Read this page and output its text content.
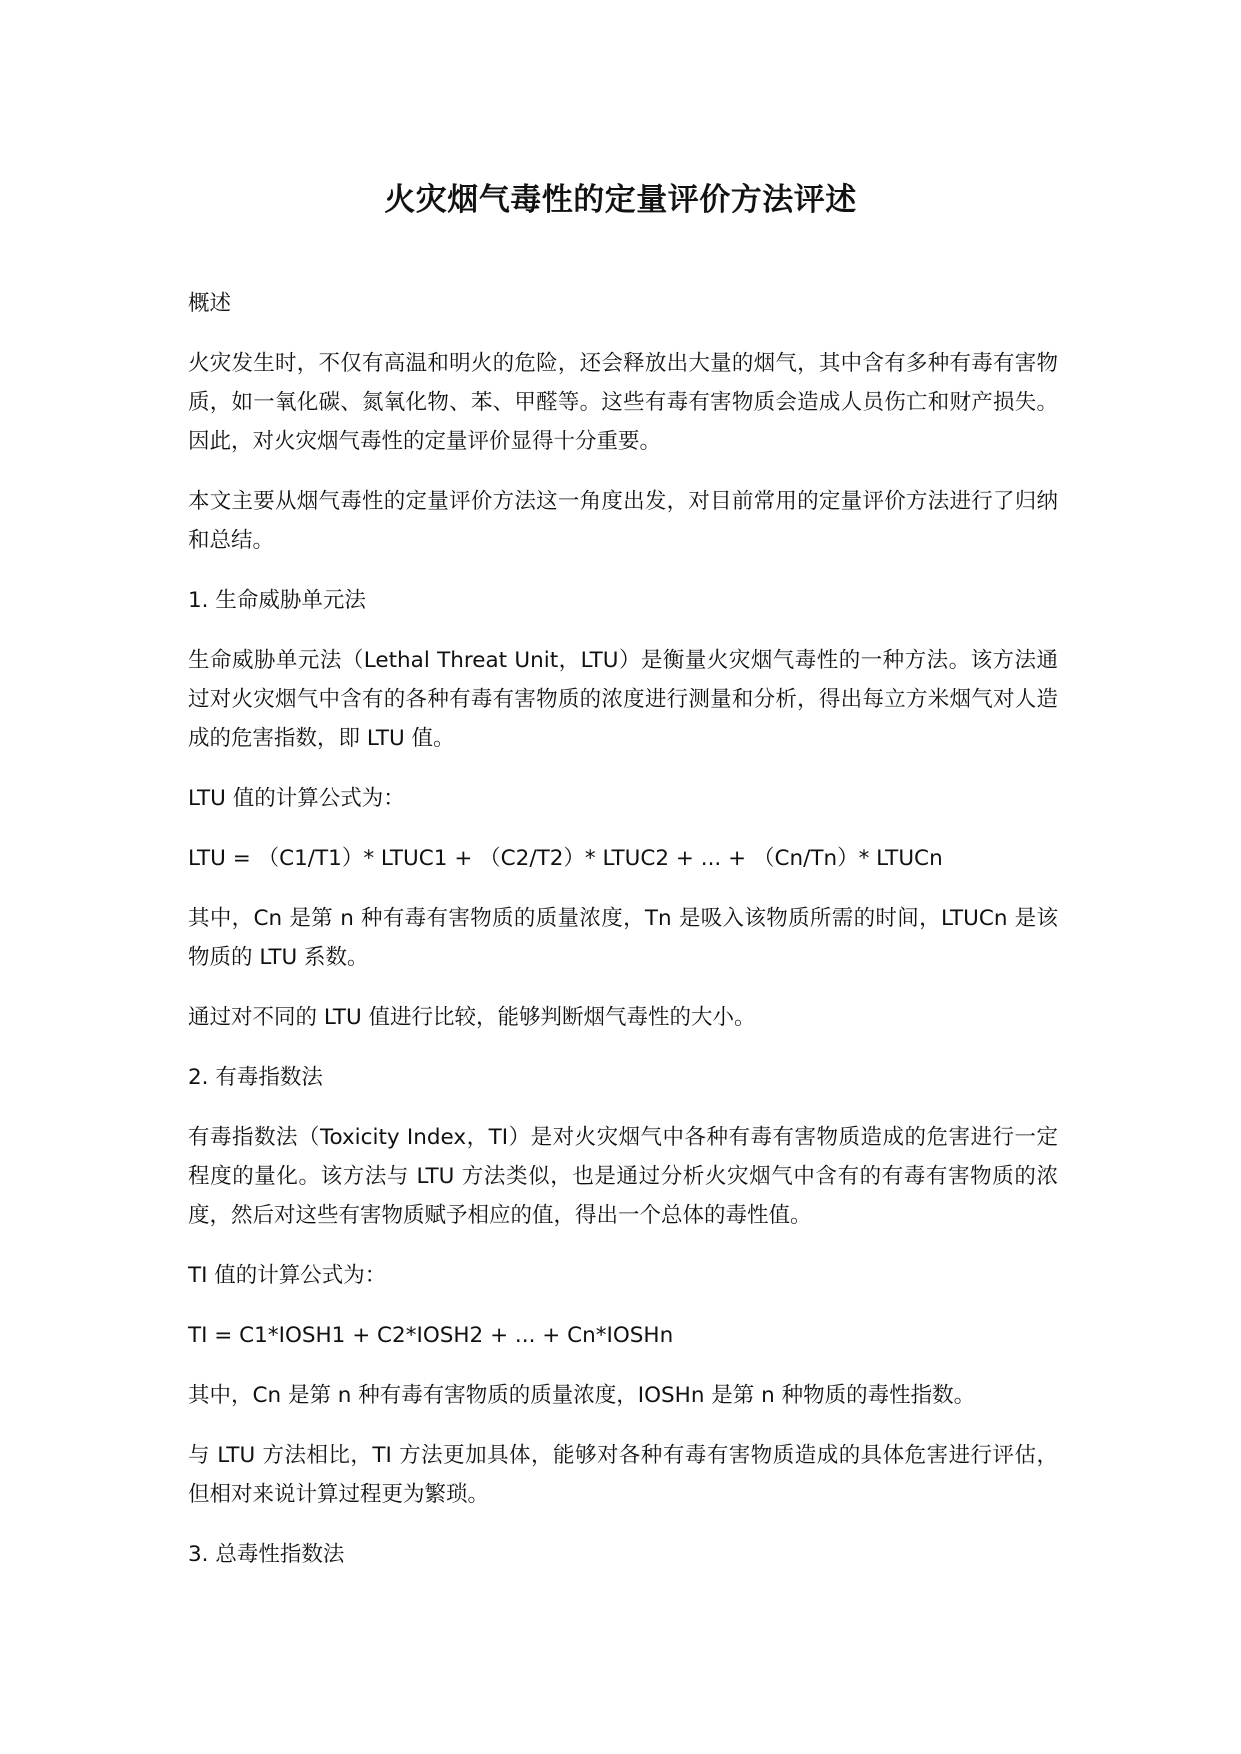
火灾烟气毒性的定量评价方法评述

概述

火灾发生时，不仅有高温和明火的危险，还会释放出大量的烟气，其中含有多种有毒有害物质，如一氧化碳、氮氧化物、苯、甲醛等。这些有毒有害物质会造成人员伤亡和财产损失。因此，对火灾烟气毒性的定量评价显得十分重要。

本文主要从烟气毒性的定量评价方法这一角度出发，对目前常用的定量评价方法进行了归纳和总结。

1. 生命威胁单元法

生命威胁单元法（Lethal Threat Unit，LTU）是衡量火灾烟气毒性的一种方法。该方法通过对火灾烟气中含有的各种有毒有害物质的浓度进行测量和分析，得出每立方米烟气对人造成的危害指数，即 LTU 值。

LTU 值的计算公式为：

LTU = （C1/T1）* LTUC1 + （C2/T2）* LTUC2 + ... + （Cn/Tn）* LTUCn

其中，Cn 是第 n 种有毒有害物质的质量浓度，Tn 是吸入该物质所需的时间，LTUCn 是该物质的 LTU 系数。

通过对不同的 LTU 值进行比较，能够判断烟气毒性的大小。

2. 有毒指数法

有毒指数法（Toxicity Index，TI）是对火灾烟气中各种有毒有害物质造成的危害进行一定程度的量化。该方法与 LTU 方法类似，也是通过分析火灾烟气中含有的有毒有害物质的浓度，然后对这些有害物质赋予相应的值，得出一个总体的毒性值。

TI 值的计算公式为：

TI = C1*IOSH1 + C2*IOSH2 + ... + Cn*IOSHn

其中，Cn 是第 n 种有毒有害物质的质量浓度，IOSHn 是第 n 种物质的毒性指数。

与 LTU 方法相比，TI 方法更加具体，能够对各种有毒有害物质造成的具体危害进行评估，但相对来说计算过程更为繁琐。

3. 总毒性指数法
